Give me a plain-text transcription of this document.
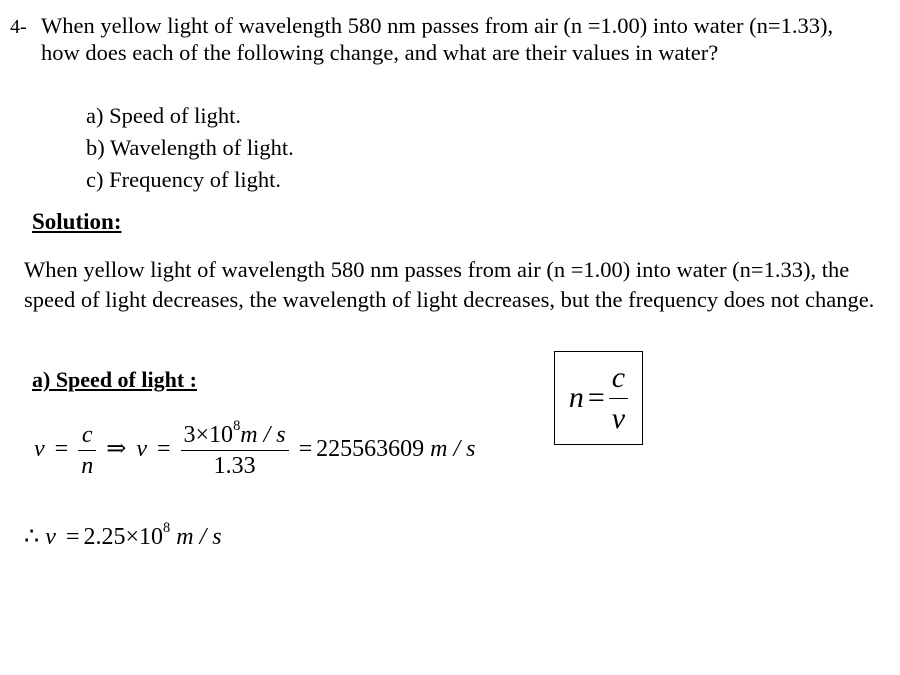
4- When yellow light of wavelength 580 nm passes from air (n =1.00) into water (n=1.33), how does each of the following change, and what are their values in water?
a) Speed of light.
b) Wavelength of light.
c) Frequency of light.
Solution:
When yellow light of wavelength 580 nm passes from air (n =1.00) into water (n=1.33), the speed of light decreases, the wavelength of light decreases, but the frequency does not change.
a) Speed of light :
$n = \frac{c}{v}$
$v = \frac{c}{n}$ ⇒ $v = \frac{3\times 10^8m / s}{1.33} = 225563609$ m / s
∴ $v = 2.25\times 10^8$ m / s
